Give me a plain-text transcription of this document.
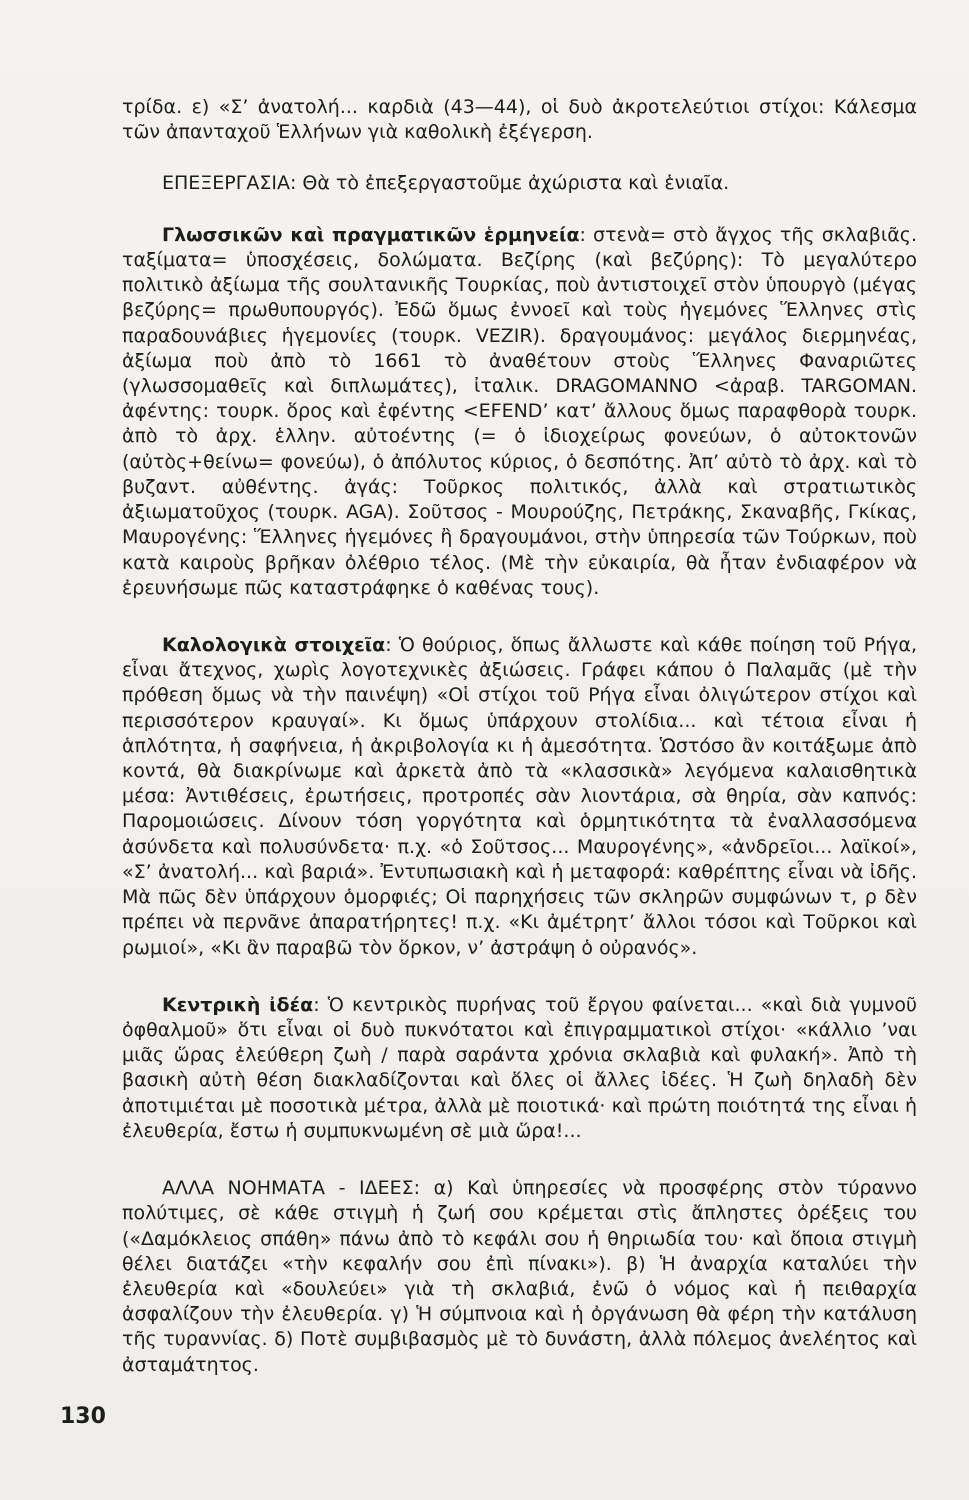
τρίδα. ε) «Σ’ ἀνατολή... καρδιὰ (43—44), οἱ δυὸ ἀκροτελεύτιοι στίχοι: Κάλεσμα τῶν ἀπανταχοῦ Ἑλλήνων γιὰ καθολικὴ ἐξέγερση.

ΕΠΕΞΕΡΓΑΣΙΑ: Θὰ τὸ ἐπεξεργαστοῦμε ἀχώριστα καὶ ἑνιαῖα.

Γλωσσικῶν καὶ πραγματικῶν ἑρμηνεία: στενὰ= στὸ ἄγχος τῆς σκλαβιᾶς. ταξίματα= ὑποσχέσεις, δολώματα. Βεζίρης (καὶ βεζύρης): Τὸ μεγαλύτερο πολιτικὸ ἀξίωμα τῆς σουλτανικῆς Τουρκίας, ποὺ ἀντιστοιχεῖ στὸν ὑπουργὸ (μέγας βεζύρης= πρωθυπουργός). Ἐδῶ ὅμως ἐννοεῖ καὶ τοὺς ἡγεμόνες Ἕλληνες στὶς παραδουνάβιες ἡγεμονίες (τουρκ. VEZIR). δραγουμάνος: μεγάλος διερμηνέας, ἀξίωμα ποὺ ἀπὸ τὸ 1661 τὸ ἀναθέτουν στοὺς Ἕλληνες Φαναριῶτες (γλωσσομαθεῖς καὶ διπλωμάτες), ἰταλικ. DRAGOMANNO <ἀραβ. TARGOMAN. ἀφέντης: τουρκ. ὅρος καὶ ἐφέντης <EFEND’ κατ’ ἄλλους ὅμως παραφθορὰ τουρκ. ἀπὸ τὸ ἀρχ. ἑλλην. αὐτοέντης (= ὁ ἰδιοχείρως φονεύων, ὁ αὐτοκτονῶν (αὐτὸς+θείνω= φονεύω), ὁ ἀπόλυτος κύριος, ὁ δεσπότης. Ἀπ’ αὐτὸ τὸ ἀρχ. καὶ τὸ βυζαντ. αὐθέντης. ἀγάς: Τοῦρκος πολιτικός, ἀλλὰ καὶ στρατιωτικὸς ἀξιωματοῦχος (τουρκ. AGA). Σοῦτσος - Μουρούζης, Πετράκης, Σκαναβῆς, Γκίκας, Μαυρογένης: Ἕλληνες ἡγεμόνες ἢ δραγουμάνοι, στὴν ὑπηρεσία τῶν Τούρκων, ποὺ κατὰ καιροὺς βρῆκαν ὀλέθριο τέλος. (Μὲ τὴν εὐκαιρία, θὰ ἦταν ἐνδιαφέρον νὰ ἐρευνήσωμε πῶς καταστράφηκε ὁ καθένας τους).

Καλολογικὰ στοιχεῖα: Ὁ θούριος, ὅπως ἄλλωστε καὶ κάθε ποίηση τοῦ Ρήγα, εἶναι ἄτεχνος, χωρὶς λογοτεχνικὲς ἀξιώσεις. Γράφει κάπου ὁ Παλαμᾶς (μὲ τὴν πρόθεση ὅμως νὰ τὴν παινέψη) «Οἱ στίχοι τοῦ Ρήγα εἶναι ὀλιγώτερον στίχοι καὶ περισσότερον κραυγαί». Κι ὅμως ὑπάρχουν στολίδια... καὶ τέτοια εἶναι ἡ ἁπλότητα, ἡ σαφήνεια, ἡ ἀκριβολογία κι ἡ ἀμεσότητα. Ὡστόσο ἂν κοιτάξωμε ἀπὸ κοντά, θὰ διακρίνωμε καὶ ἀρκετὰ ἀπὸ τὰ «κλασσικὰ» λεγόμενα καλαισθητικὰ μέσα: Ἀντιθέσεις, ἐρωτήσεις, προτροπές σὰν λιοντάρια, σὰ θηρία, σὰν καπνός: Παρομοιώσεις. Δίνουν τόση γοργότητα καὶ ὁρμητικότητα τὰ ἐναλλασσόμενα ἀσύνδετα καὶ πολυσύνδετα· π.χ. «ὁ Σοῦτσος... Μαυρογένης», «ἀνδρεῖοι... λαϊκοί», «Σ’ ἀνατολή... καὶ βαριά». Ἐντυπωσιακὴ καὶ ἡ μεταφορά: καθρέπτης εἶναι νὰ ἰδῆς. Μὰ πῶς δὲν ὑπάρχουν ὁμορφιές; Οἱ παρηχήσεις τῶν σκληρῶν συμφώνων τ, ρ δὲν πρέπει νὰ περνᾶνε ἀπαρατήρητες! π.χ. «Κι ἀμέτρητ’ ἄλλοι τόσοι καὶ Τοῦρκοι καὶ ρωμιοί», «Κι ἂν παραβῶ τὸν ὅρκον, ν’ ἀστράψη ὁ οὐρανός».

Κεντρικὴ ἰδέα: Ὁ κεντρικὸς πυρήνας τοῦ ἔργου φαίνεται... «καὶ διὰ γυμνοῦ ὀφθαλμοῦ» ὅτι εἶναι οἱ δυὸ πυκνότατοι καὶ ἐπιγραμματικοὶ στίχοι· «κάλλιο ’ναι μιᾶς ὥρας ἐλεύθερη ζωὴ / παρὰ σαράντα χρόνια σκλαβιὰ καὶ φυλακή». Ἀπὸ τὴ βασικὴ αὐτὴ θέση διακλαδίζονται καὶ ὅλες οἱ ἄλλες ἰδέες. Ἡ ζωὴ δηλαδὴ δὲν ἀποτιμιέται μὲ ποσοτικὰ μέτρα, ἀλλὰ μὲ ποιοτικά· καὶ πρώτη ποιότητά της εἶναι ἡ ἐλευθερία, ἔστω ἡ συμπυκνωμένη σὲ μιὰ ὥρα!...

ΑΛΛΑ ΝΟΗΜΑΤΑ - ΙΔΕΕΣ: α) Καὶ ὑπηρεσίες νὰ προσφέρης στὸν τύραννο πολύτιμες, σὲ κάθε στιγμὴ ἡ ζωή σου κρέμεται στὶς ἄπληστες ὀρέξεις του («Δαμόκλειος σπάθη» πάνω ἀπὸ τὸ κεφάλι σου ἡ θηριωδία του· καὶ ὅποια στιγμὴ θέλει διατάζει «τὴν κεφαλήν σου ἐπὶ πίνακι»). β) Ἡ ἀναρχία καταλύει τὴν ἐλευθερία καὶ «δουλεύει» γιὰ τὴ σκλαβιά, ἐνῶ ὁ νόμος καὶ ἡ πειθαρχία ἀσφαλίζουν τὴν ἐλευθερία. γ) Ἡ σύμπνοια καὶ ἡ ὀργάνωση θὰ φέρη τὴν κατάλυση τῆς τυραννίας. δ) Ποτὲ συμβιβασμὸς μὲ τὸ δυνάστη, ἀλλὰ πόλεμος ἀνελέητος καὶ ἀσταμάτητος.

130
